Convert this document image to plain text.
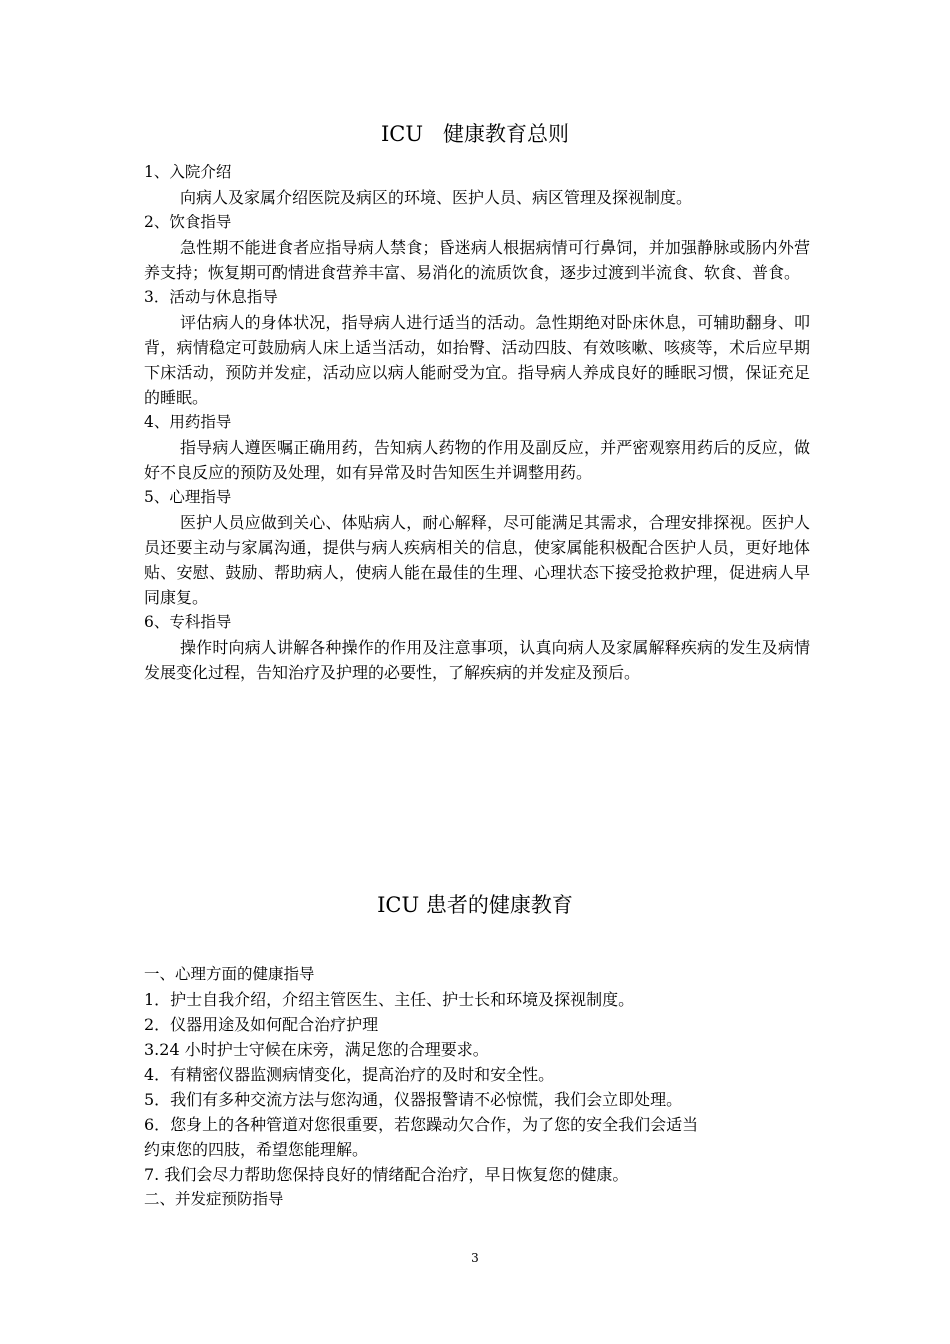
ICU   健康教育总则
1、入院介绍

向病人及家属介绍医院及病区的环境、医护人员、病区管理及探视制度。

2、饮食指导

急性期不能进食者应指导病人禁食；昏迷病人根据病情可行鼻饲，并加强静脉或肠内外营养支持；恢复期可酌情进食营养丰富、易消化的流质饮食，逐步过渡到半流食、软食、普食。

3．活动与休息指导

评估病人的身体状况，指导病人进行适当的活动。急性期绝对卧床休息，可辅助翻身、叩背，病情稳定可鼓励病人床上适当活动，如抬臀、活动四肢、有效咳嗽、咳痰等，术后应早期下床活动，预防并发症，活动应以病人能耐受为宜。指导病人养成良好的睡眠习惯，保证充足的睡眠。

4、用药指导

指导病人遵医嘱正确用药，告知病人药物的作用及副反应，并严密观察用药后的反应，做好不良反应的预防及处理，如有异常及时告知医生并调整用药。

5、心理指导

医护人员应做到关心、体贴病人，耐心解释，尽可能满足其需求，合理安排探视。医护人员还要主动与家属沟通，提供与病人疾病相关的信息，使家属能积极配合医护人员，更好地体贴、安慰、鼓励、帮助病人，使病人能在最佳的生理、心理状态下接受抢救护理，促进病人早同康复。

6、专科指导

操作时向病人讲解各种操作的作用及注意事项，认真向病人及家属解释疾病的发生及病情发展变化过程，告知治疗及护理的必要性，了解疾病的并发症及预后。

ICU 患者的健康教育
一、心理方面的健康指导
1．护士自我介绍，介绍主管医生、主任、护士长和环境及探视制度。
2．仪器用途及如何配合治疗护理
3.24 小时护士守候在床旁，满足您的合理要求。
4．有精密仪器监测病情变化，提高治疗的及时和安全性。
5．我们有多种交流方法与您沟通，仪器报警请不必惊慌，我们会立即处理。
6．您身上的各种管道对您很重要，若您躁动欠合作，为了您的安全我们会适当
约束您的四肢，希望您能理解。
7. 我们会尽力帮助您保持良好的情绪配合治疗，早日恢复您的健康。
二、并发症预防指导
3
